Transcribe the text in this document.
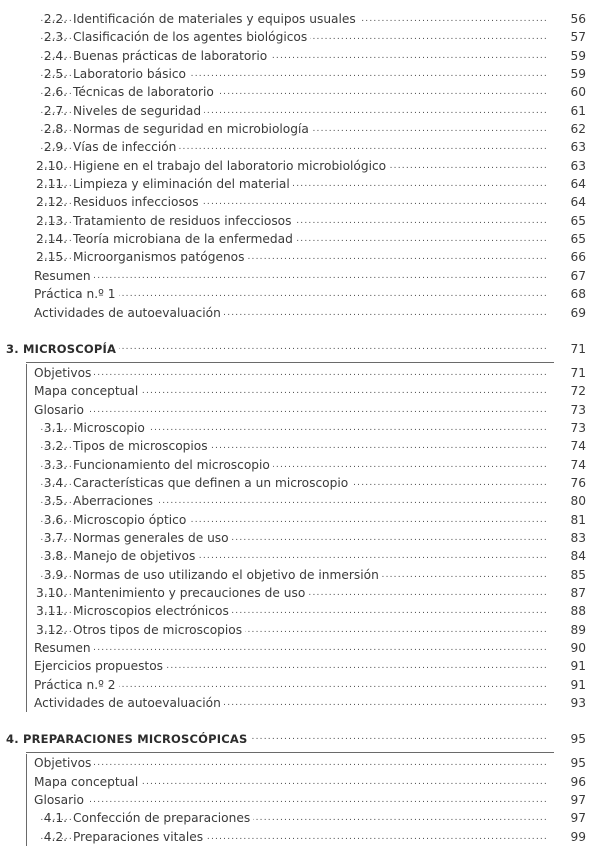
.....
2.2. Identificación de materiales y equipos usuales	56
.....
2.3. Clasificación de los agentes biológicos	57
.....
2.4. Buenas prácticas de laboratorio	59
.....
2.5. Laboratorio básico	59
.....
2.6. Técnicas de laboratorio	60
.....
2.7. Niveles de seguridad	61
.....
2.8. Normas de seguridad en microbiología	62
.....
2.9. Vías de infección	63
.....
2.10. Higiene en el trabajo del laboratorio microbiológico	63
.....
2.11. Limpieza y eliminación del material	64
.....
2.12. Residuos infecciosos	64
.....
2.13. Tratamiento de residuos infecciosos	65
.....
2.14. Teoría microbiana de la enfermedad	65
.....
2.15. Microorganismos patógenos	66
.....
Resumen	67
.....
Práctica n.º 1	68
.....
Actividades de autoevaluación	69
.....
3. MICROSCOPÍA	71
.....
Objetivos	71
.....
Mapa conceptual	72
.....
Glosario	73
.....
3.1. Microscopio	73
.....
3.2. Tipos de microscopios	74
.....
3.3. Funcionamiento del microscopio	74
.....
3.4. Características que definen a un microscopio	76
.....
3.5. Aberraciones	80
.....
3.6. Microscopio óptico	81
.....
3.7. Normas generales de uso	83
.....
3.8. Manejo de objetivos	84
.....
3.9. Normas de uso utilizando el objetivo de inmersión	85
.....
3.10. Mantenimiento y precauciones de uso	87
.....
3.11. Microscopios electrónicos	88
.....
3.12. Otros tipos de microscopios	89
.....
Resumen	90
.....
Ejercicios propuestos	91
.....
Práctica n.º 2	91
.....
Actividades de autoevaluación	93
.....
4. PREPARACIONES MICROSCÓPICAS	95
.....
Objetivos	95
.....
Mapa conceptual	96
.....
Glosario	97
.....
4.1. Confección de preparaciones	97
.....
4.2. Preparaciones vitales	99
